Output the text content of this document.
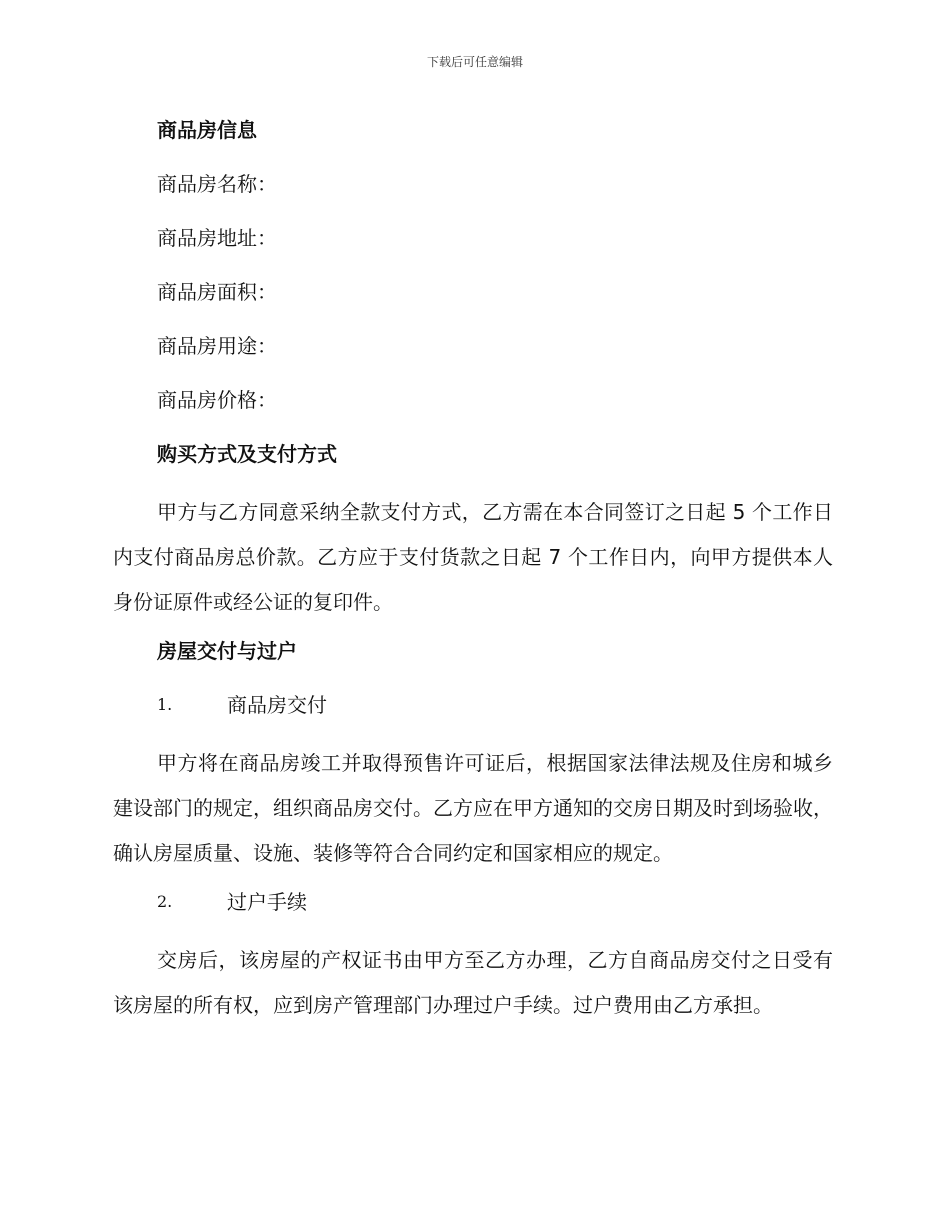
下载后可任意编辑
商品房信息
商品房名称：
商品房地址：
商品房面积：
商品房用途：
商品房价格：
购买方式及支付方式
甲方与乙方同意采纳全款支付方式，乙方需在本合同签订之日起 5 个工作日内支付商品房总价款。乙方应于支付货款之日起 7 个工作日内，向甲方提供本人身份证原件或经公证的复印件。
房屋交付与过户
1.	商品房交付
甲方将在商品房竣工并取得预售许可证后，根据国家法律法规及住房和城乡建设部门的规定，组织商品房交付。乙方应在甲方通知的交房日期及时到场验收，确认房屋质量、设施、装修等符合合同约定和国家相应的规定。
2.	过户手续
交房后，该房屋的产权证书由甲方至乙方办理，乙方自商品房交付之日受有该房屋的所有权，应到房产管理部门办理过户手续。过户费用由乙方承担。
